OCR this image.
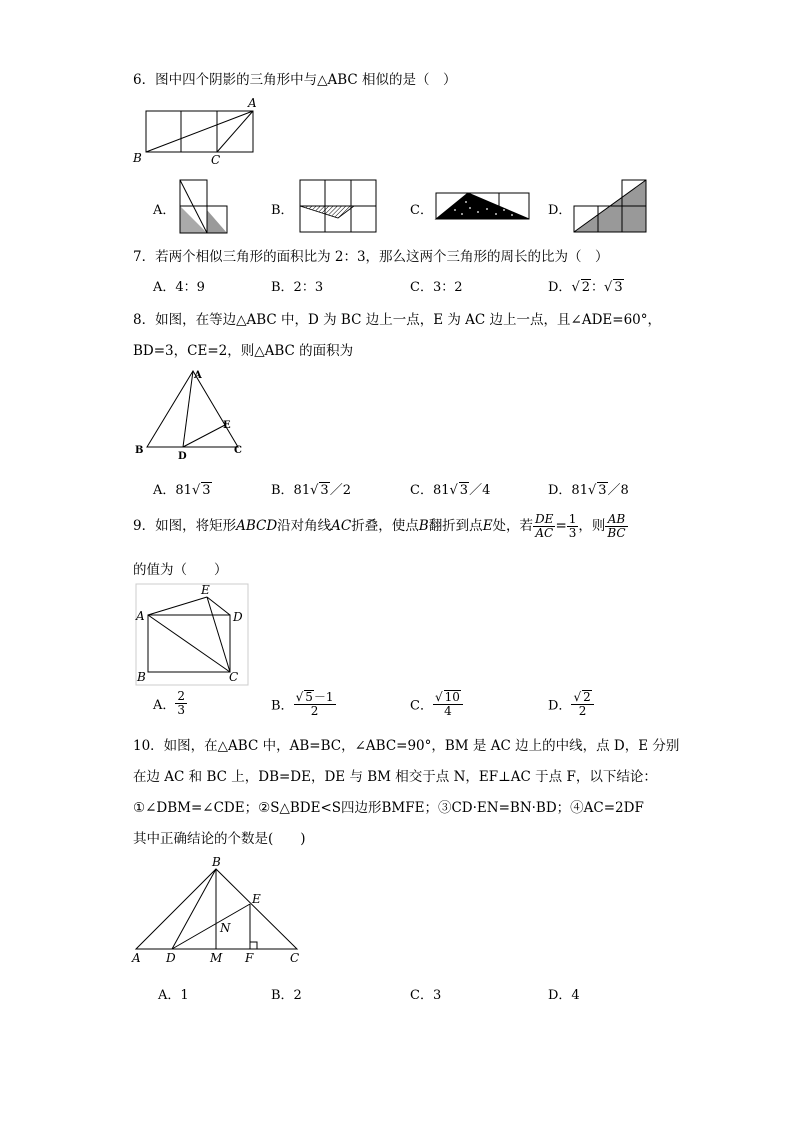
6．图中四个阴影的三角形中与△ABC 相似的是（　）
A
B	C
A．	B．	C．	D．
7．若两个相似三角形的面积比为 2：3，那么这两个三角形的周长的比为（　）
A．4：9	B．2：3	C．3：2	D．√ 2：√ 3
8．如图，在等边△ABC 中，D 为 BC 边上一点，E 为 AC 边上一点，且∠ADE=60°，
BD=3，CE=2，则△ABC 的面积为
A
B	C
D
E
A．81√ 3	B．81√ 3／2	C．81√ 3／4	D．81√ 3／8
9．如图，将矩形ABCD沿对角线AC折叠，使点B翻折到点E处，若 $\frac{DE}{AC} = \frac{1}{3}$ ，则 $\frac{AB}{BC}$
的值为（　　）
A
B	C
D
E
A． $\frac{2}{3}$	B． $\frac{√ 5-1}{2}$	C． $\frac{√ 10}{4}$	D． $\frac{√ 2}{2}$
10．如图，在△ABC 中，AB=BC，∠ABC=90°，BM 是 AC 边上的中线，点 D，E 分别
在边 AC 和 BC 上，DB=DE，DE 与 BM 相交于点 N，EF⊥AC 于点 F，以下结论：
①∠DBM=∠CDE；②S△BDE<S四边形BMFE；③CD·EN=BN·BD；④AC=2DF
其中正确结论的个数是(　　)
B
E
N
A D	M F	C
A．1	B．2	C．3	D．4
